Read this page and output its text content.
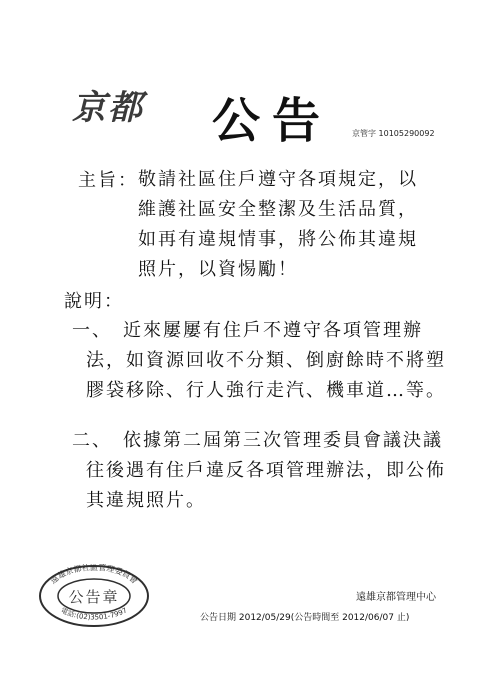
京都 公告 京管字 10105290092
主旨： 敬請社區住戶遵守各項規定，以
維護社區安全整潔及生活品質，
如再有違規情事，將公佈其違規
照片，以資惕勵！
說明：
一、　近來屢屢有住戶不遵守各項管理辦
法，如資源回收不分類、倒廚餘時不將塑
膠袋移除、行人強行走汽、機車道…等。
二、　依據第二屆第三次管理委員會議決議
往後遇有住戶違反各項管理辦法，即公佈
其違規照片。
遠雄京都社區管理委員會
公告章
電話:(02)3501-7997
遠雄京都管理中心
公告日期 2012/05/29(公告時間至 2012/06/07 止)
